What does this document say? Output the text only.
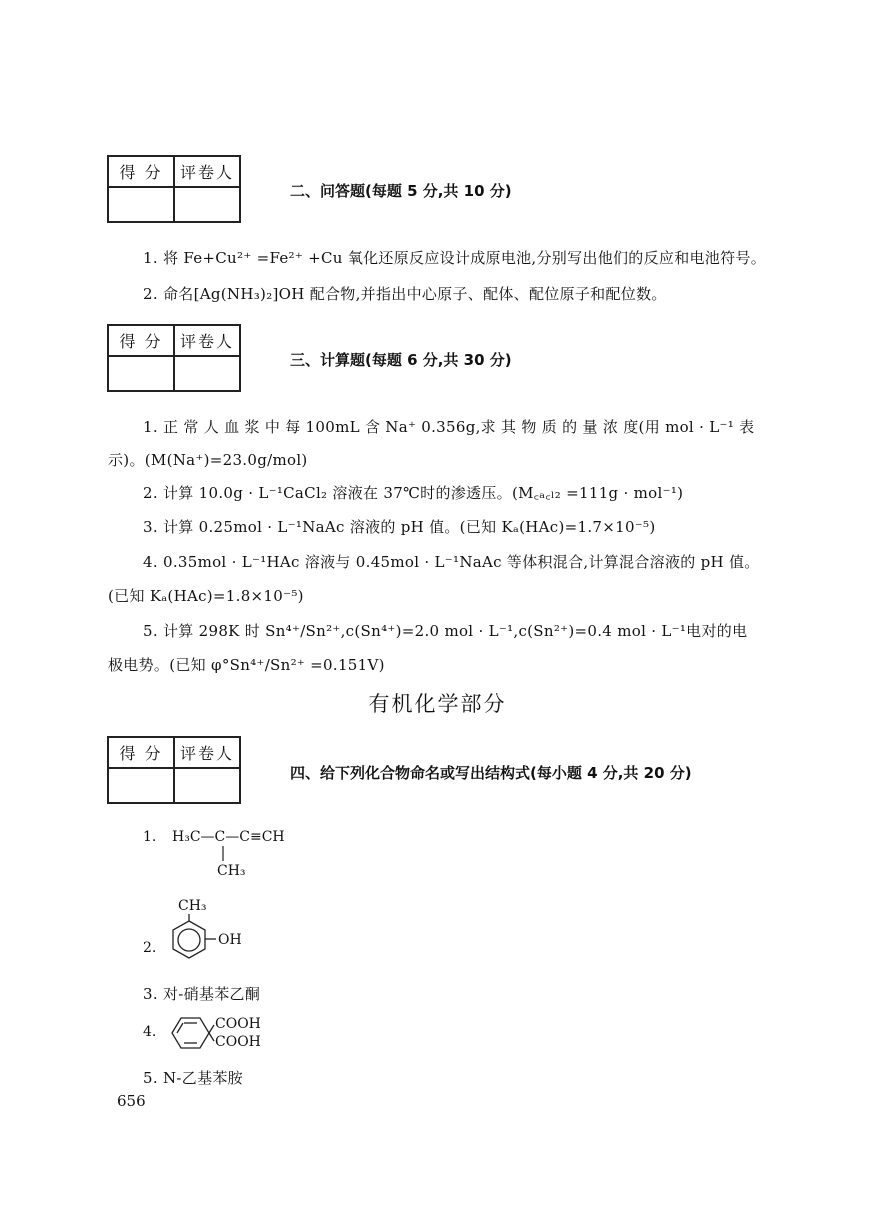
得 分	评卷人

得 分	评卷人

得 分	评卷人

二、问答题(每题 5 分,共 10 分)
1. 将 Fe+Cu²⁺ =Fe²⁺ +Cu 氧化还原反应设计成原电池,分别写出他们的反应和电池符号。
2. 命名[Ag(NH₃)₂]OH 配合物,并指出中心原子、配体、配位原子和配位数。
三、计算题(每题 6 分,共 30 分)
1. 正 常 人 血 浆 中 每 100mL 含 Na⁺ 0.356g,求 其 物 质 的 量 浓 度(用 mol · L⁻¹ 表
示)。(M(Na⁺)=23.0g/mol)
2. 计算 10.0g · L⁻¹CaCl₂ 溶液在 37℃时的渗透压。(M꜀ₐ꜀ₗ₂ =111g · mol⁻¹)
3. 计算 0.25mol · L⁻¹NaAc 溶液的 pH 值。(已知 Kₐ(HAc)=1.7×10⁻⁵)
4. 0.35mol · L⁻¹HAc 溶液与 0.45mol · L⁻¹NaAc 等体积混合,计算混合溶液的 pH 值。
(已知 Kₐ(HAc)=1.8×10⁻⁵)
5. 计算 298K 时 Sn⁴⁺/Sn²⁺,c(Sn⁴⁺)=2.0 mol · L⁻¹,c(Sn²⁺)=0.4 mol · L⁻¹电对的电
极电势。(已知 φ°Sn⁴⁺/Sn²⁺ =0.151V)
有机化学部分
四、给下列化合物命名或写出结构式(每小题 4 分,共 20 分)
1. H₃C—C—C≡CH
CH₃
CH₃
2.	OH
3. 对-硝基苯乙酮
4.	COOH
COOH
5. N-乙基苯胺
656
